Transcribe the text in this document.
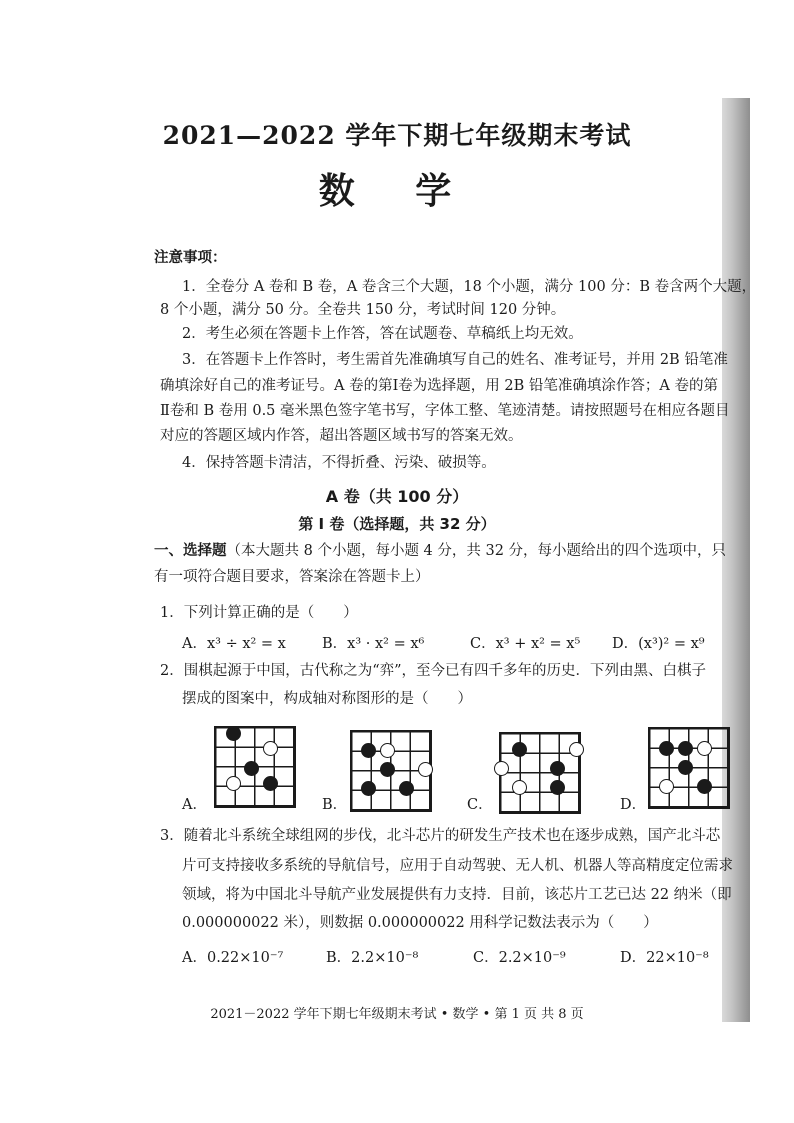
2021—2022 学年下期七年级期末考试
数 学
注意事项：
1．全卷分 A 卷和 B 卷，A 卷含三个大题，18 个小题，满分 100 分：B 卷含两个大题，
8 个小题，满分 50 分。全卷共 150 分，考试时间 120 分钟。
2．考生必须在答题卡上作答，答在试题卷、草稿纸上均无效。
3．在答题卡上作答时，考生需首先准确填写自己的姓名、准考证号，并用 2B 铅笔准
确填涂好自己的准考证号。A 卷的第Ⅰ卷为选择题，用 2B 铅笔准确填涂作答；A 卷的第
Ⅱ卷和 B 卷用 0.5 毫米黑色签字笔书写，字体工整、笔迹清楚。请按照题号在相应各题目
对应的答题区域内作答，超出答题区域书写的答案无效。
4．保持答题卡清洁，不得折叠、污染、破损等。
A 卷（共 100 分）
第 Ⅰ 卷（选择题，共 32 分）
一、选择题（本大题共 8 个小题，每小题 4 分，共 32 分，每小题给出的四个选项中，只
有一项符合题目要求，答案涂在答题卡上）
1．下列计算正确的是（　　）
A．x³ ÷ x² = x B．x³ · x² = x⁶	C．x³ + x² = x⁵ D．(x³)² = x⁹
2．围棋起源于中国，古代称之为“弈”，至今已有四千多年的历史．下列由黑、白棋子
摆成的图案中，构成轴对称图形的是（　　）
A．	B．	C．	D．
3．随着北斗系统全球组网的步伐，北斗芯片的研发生产技术也在逐步成熟，国产北斗芯
片可支持接收多系统的导航信号，应用于自动驾驶、无人机、机器人等高精度定位需求
领域，将为中国北斗导航产业发展提供有力支持．目前，该芯片工艺已达 22 纳米（即
0.000000022 米），则数据 0.000000022 用科学记数法表示为（　　）
A．0.22×10⁻⁷	B．2.2×10⁻⁸	C．2.2×10⁻⁹	D．22×10⁻⁸
2021－2022 学年下期七年级期末考试 • 数学 • 第 1 页 共 8 页
